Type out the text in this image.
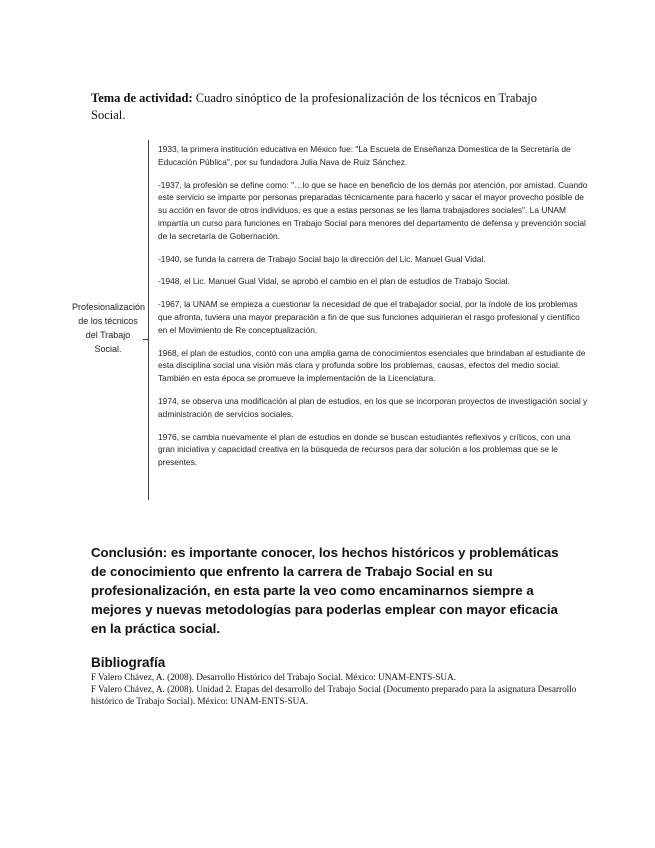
Tema de actividad: Cuadro sinóptico de la profesionalización de los técnicos en Trabajo Social.
Profesionalización de los técnicos del Trabajo Social.

1933, la primera institución educativa en México fue: "La Escuela de Enseñanza Domestica de la Secretaría de Educación Pública", por su fundadora Julia Nava de Ruiz Sánchez.

-1937, la profesión se define como: "…lo que se hace en beneficio de los demás por atención, por amistad. Cuando este servicio se imparte por personas preparadas técnicamente para hacerlo y sacar el mayor provecho posible de su acción en favor de otros individuos, es que a estas personas se les llama trabajadores sociales". La UNAM impartía un curso para funciones en Trabajo Social para menores del departamento de defensa y prevención social de la secretaría de Gobernación.

-1940, se funda la carrera de Trabajo Social bajo la dirección del Lic. Manuel Gual Vidal.

-1948, el Lic. Manuel Gual Vidal, se aprobó el cambio en el plan de estudios de Trabajo Social.

-1967, la UNAM se empieza a cuestionar la necesidad de que el trabajador social, por la índole de los problemas que afronta, tuviera una mayor preparación a fin de que sus funciones adquirieran el rasgo profesional y científico en el Movimiento de Re conceptualización.

1968, el plan de estudios, contó con una amplia gama de conocimientos esenciales que brindaban al estudiante de esta disciplina social una visión más clara y profunda sobre los problemas, causas, efectos del medio social. También en esta época se promueve la implementación de la Licenciatura.

1974, se observa una modificación al plan de estudios, en los que se incorporan proyectos de investigación social y administración de servicios sociales.

1976, se cambia nuevamente el plan de estudios en donde se buscan estudiantes reflexivos y críticos, con una gran iniciativa y capacidad creativa en la búsqueda de recursos para dar solución a los problemas que se le presentes.

Conclusión: es importante conocer, los hechos históricos y problemáticas de conocimiento que enfrento la carrera de Trabajo Social en su profesionalización, en esta parte la veo como encaminarnos siempre a mejores y nuevas metodologías para poderlas emplear con mayor eficacia en la práctica social.
Bibliografía
F Valero Chávez, A. (2008). Desarrollo Histórico del Trabajo Social. México: UNAM-ENTS-SUA.
F Valero Chávez, A. (2008). Unidad 2. Etapas del desarrollo del Trabajo Social (Documento preparado para la asignatura Desarrollo histórico de Trabajo Social). México: UNAM-ENTS-SUA.
